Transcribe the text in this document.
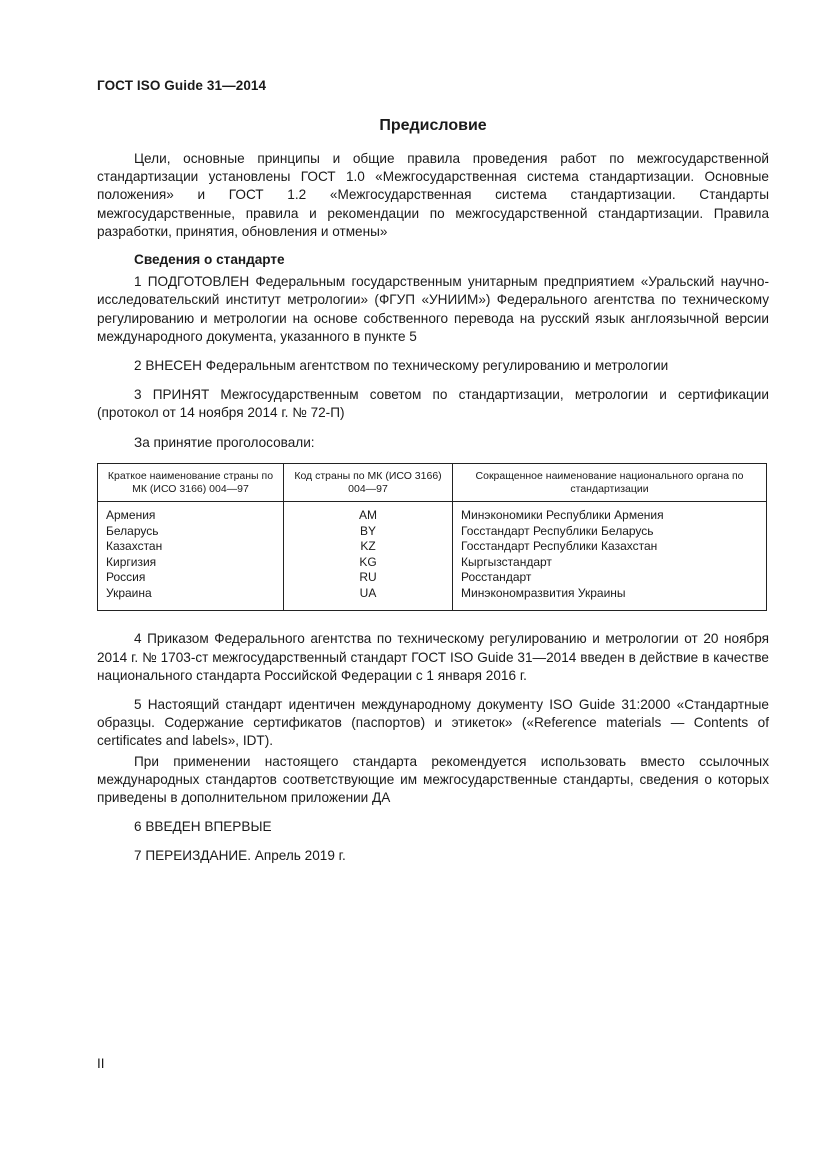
ГОСТ ISO Guide 31—2014
Предисловие

Цели, основные принципы и общие правила проведения работ по межгосударственной стандартизации установлены ГОСТ 1.0 «Межгосударственная система стандартизации. Основные положения» и ГОСТ 1.2 «Межгосударственная система стандартизации. Стандарты межгосударственные, правила и рекомендации по межгосударственной стандартизации. Правила разработки, принятия, обновления и отмены»

Сведения о стандарте

1 ПОДГОТОВЛЕН Федеральным государственным унитарным предприятием «Уральский научно-исследовательский институт метрологии» (ФГУП «УНИИМ») Федерального агентства по техническому регулированию и метрологии на основе собственного перевода на русский язык англоязычной версии международного документа, указанного в пункте 5

2 ВНЕСЕН Федеральным агентством по техническому регулированию и метрологии

3 ПРИНЯТ Межгосударственным советом по стандартизации, метрологии и сертификации (протокол от 14 ноября 2014 г. № 72-П)

За принятие проголосовали:

Краткое наименование страны по МК (ИСО 3166) 004—97	Код страны по МК (ИСО 3166) 004—97	Сокращенное наименование национального органа по стандартизации
Армения	AM	Минэкономики Республики Армения
Беларусь	BY	Госстандарт Республики Беларусь
Казахстан	KZ	Госстандарт Республики Казахстан
Киргизия	KG	Кыргызстандарт
Россия	RU	Росстандарт
Украина	UA	Минэкономразвития Украины

4 Приказом Федерального агентства по техническому регулированию и метрологии от 20 ноября 2014 г. № 1703-ст межгосударственный стандарт ГОСТ ISO Guide 31—2014 введен в действие в качестве национального стандарта Российской Федерации с 1 января 2016 г.

5 Настоящий стандарт идентичен международному документу ISO Guide 31:2000 «Стандартные образцы. Содержание сертификатов (паспортов) и этикеток» («Reference materials — Contents of certificates and labels», IDT).

При применении настоящего стандарта рекомендуется использовать вместо ссылочных международных стандартов соответствующие им межгосударственные стандарты, сведения о которых приведены в дополнительном приложении ДА

6 ВВЕДЕН ВПЕРВЫЕ

7 ПЕРЕИЗДАНИЕ. Апрель 2019 г.

II
